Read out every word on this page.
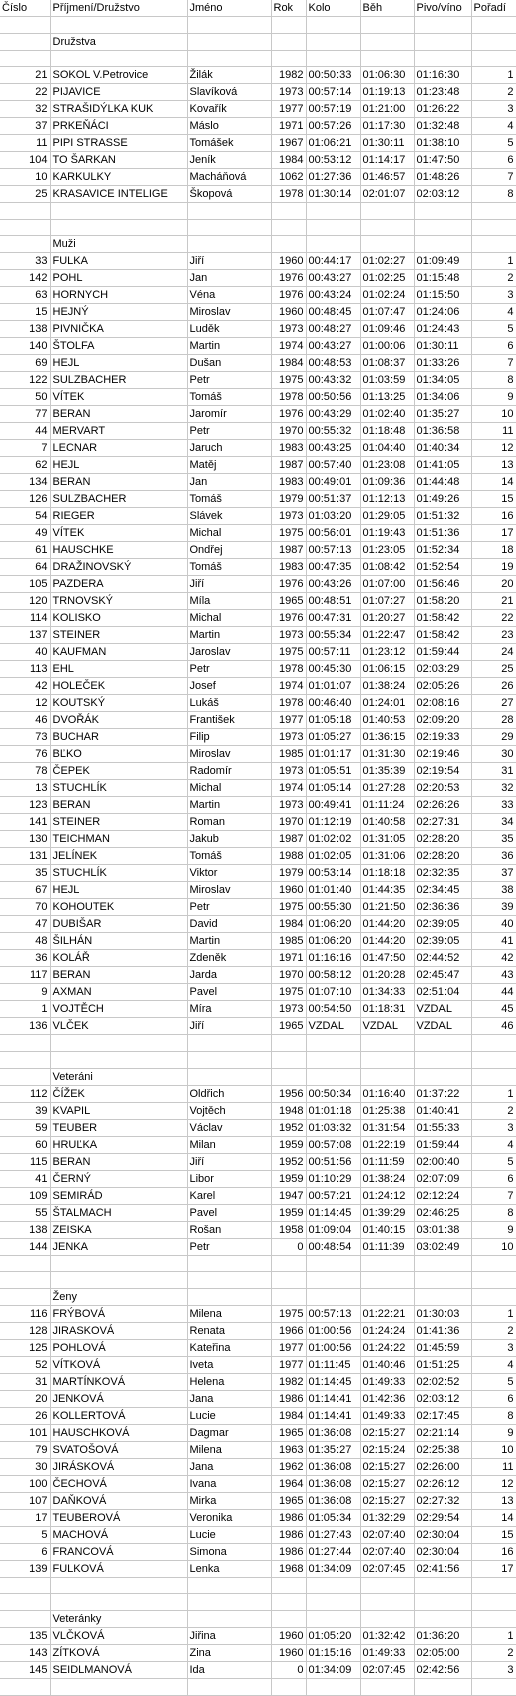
Číslo	Příjmení/Družstvo	Jméno	Rok	Kolo	Běh	Pivo/víno	Pořadí

	Družstva						

21	SOKOL V.Petrovice	Žilák	1982	00:50:33	01:06:30	01:16:30	1
22	PIJAVICE	Slavíková	1973	00:57:14	01:19:13	01:23:48	2
32	STRAŠIDÝLKA KUK	Kovařík	1977	00:57:19	01:21:00	01:26:22	3
37	PRKEŇÁCI	Máslo	1971	00:57:26	01:17:30	01:32:48	4
11	PIPI STRASSE	Tomášek	1967	01:06:21	01:30:11	01:38:10	5
104	TO ŠARKAN	Jeník	1984	00:53:12	01:14:17	01:47:50	6
10	KARKULKY	Macháňová	1062	01:27:36	01:46:57	01:48:26	7
25	KRASAVICE INTELIGE	Škopová	1978	01:30:14	02:01:07	02:03:12	8

	Muži						
33	FULKA	Jiří	1960	00:44:17	01:02:27	01:09:49	1
142	POHL	Jan	1976	00:43:27	01:02:25	01:15:48	2
63	HORNYCH	Véna	1976	00:43:24	01:02:24	01:15:50	3
15	HEJNÝ	Miroslav	1960	00:48:45	01:07:47	01:24:06	4
138	PIVNIČKA	Luděk	1973	00:48:27	01:09:46	01:24:43	5
140	ŠTOLFA	Martin	1974	00:43:27	01:00:06	01:30:11	6
69	HEJL	Dušan	1984	00:48:53	01:08:37	01:33:26	7
122	SULZBACHER	Petr	1975	00:43:32	01:03:59	01:34:05	8
50	VÍTEK	Tomáš	1978	00:50:56	01:13:25	01:34:06	9
77	BERAN	Jaromír	1976	00:43:29	01:02:40	01:35:27	10
44	MERVART	Petr	1970	00:55:32	01:18:48	01:36:58	11
7	LECNAR	Jaruch	1983	00:43:25	01:04:40	01:40:34	12
62	HEJL	Matěj	1987	00:57:40	01:23:08	01:41:05	13
134	BERAN	Jan	1983	00:49:01	01:09:36	01:44:48	14
126	SULZBACHER	Tomáš	1979	00:51:37	01:12:13	01:49:26	15
54	RIEGER	Slávek	1973	01:03:20	01:29:05	01:51:32	16
49	VÍTEK	Michal	1975	00:56:01	01:19:43	01:51:36	17
61	HAUSCHKE	Ondřej	1987	00:57:13	01:23:05	01:52:34	18
64	DRAŽINOVSKÝ	Tomáš	1983	00:47:35	01:08:42	01:52:54	19
105	PAZDERA	Jiří	1976	00:43:26	01:07:00	01:56:46	20
120	TRNOVSKÝ	Míla	1965	00:48:51	01:07:27	01:58:20	21
114	KOLISKO	Michal	1976	00:47:31	01:20:27	01:58:42	22
137	STEINER	Martin	1973	00:55:34	01:22:47	01:58:42	23
40	KAUFMAN	Jaroslav	1975	00:57:11	01:23:12	01:59:44	24
113	EHL	Petr	1978	00:45:30	01:06:15	02:03:29	25
42	HOLEČEK	Josef	1974	01:01:07	01:38:24	02:05:26	26
12	KOUTSKÝ	Lukáš	1978	00:46:40	01:24:01	02:08:16	27
46	DVOŘÁK	František	1977	01:05:18	01:40:53	02:09:20	28
73	BUCHAR	Filip	1973	01:05:27	01:36:15	02:19:33	29
76	BĽKO	Miroslav	1985	01:01:17	01:31:30	02:19:46	30
78	ČEPEK	Radomír	1973	01:05:51	01:35:39	02:19:54	31
13	STUCHLÍK	Michal	1974	01:05:14	01:27:28	02:20:53	32
123	BERAN	Martin	1973	00:49:41	01:11:24	02:26:26	33
141	STEINER	Roman	1970	01:12:19	01:40:58	02:27:31	34
130	TEICHMAN	Jakub	1987	01:02:02	01:31:05	02:28:20	35
131	JELÍNEK	Tomáš	1988	01:02:05	01:31:06	02:28:20	36
35	STUCHLÍK	Viktor	1979	00:53:14	01:18:18	02:32:35	37
67	HEJL	Miroslav	1960	01:01:40	01:44:35	02:34:45	38
70	KOHOUTEK	Petr	1975	00:55:30	01:21:50	02:36:36	39
47	DUBIŠAR	David	1984	01:06:20	01:44:20	02:39:05	40
48	ŠILHÁN	Martin	1985	01:06:20	01:44:20	02:39:05	41
36	KOLÁŘ	Zdeněk	1971	01:16:16	01:47:50	02:44:52	42
117	BERAN	Jarda	1970	00:58:12	01:20:28	02:45:47	43
9	AXMAN	Pavel	1975	01:07:10	01:34:33	02:51:04	44
1	VOJTĚCH	Míra	1973	00:54:50	01:18:31	VZDAL	45
136	VLČEK	Jiří	1965	VZDAL	VZDAL	VZDAL	46

	Veteráni						
112	ČÍŽEK	Oldřich	1956	00:50:34	01:16:40	01:37:22	1
39	KVAPIL	Vojtěch	1948	01:01:18	01:25:38	01:40:41	2
59	TEUBER	Václav	1952	01:03:32	01:31:54	01:55:33	3
60	HRUĽKA	Milan	1959	00:57:08	01:22:19	01:59:44	4
115	BERAN	Jiří	1952	00:51:56	01:11:59	02:00:40	5
41	ČERNÝ	Libor	1959	01:10:29	01:38:24	02:07:09	6
109	SEMIRÁD	Karel	1947	00:57:21	01:24:12	02:12:24	7
55	ŠTALMACH	Pavel	1959	01:14:45	01:39:29	02:46:25	8
138	ZEISKA	Rošan	1958	01:09:04	01:40:15	03:01:38	9
144	JENKA	Petr	0	00:48:54	01:11:39	03:02:49	10

	Ženy						
116	FRÝBOVÁ	Milena	1975	00:57:13	01:22:21	01:30:03	1
128	JIRASKOVÁ	Renata	1966	01:00:56	01:24:24	01:41:36	2
125	POHLOVÁ	Kateřina	1977	01:00:56	01:24:22	01:45:59	3
52	VÍTKOVÁ	Iveta	1977	01:11:45	01:40:46	01:51:25	4
31	MARTÍNKOVÁ	Helena	1982	01:14:45	01:49:33	02:02:52	5
20	JENKOVÁ	Jana	1986	01:14:41	01:42:36	02:03:12	6
26	KOLLERTOVÁ	Lucie	1984	01:14:41	01:49:33	02:17:45	8
101	HAUSCHKOVÁ	Dagmar	1965	01:36:08	02:15:27	02:21:14	9
79	SVATOŠOVÁ	Milena	1963	01:35:27	02:15:24	02:25:38	10
30	JIRÁSKOVÁ	Jana	1962	01:36:08	02:15:27	02:26:00	11
100	ČECHOVÁ	Ivana	1964	01:36:08	02:15:27	02:26:12	12
107	DAŇKOVÁ	Mirka	1965	01:36:08	02:15:27	02:27:32	13
17	TEUBEROVÁ	Veronika	1986	01:05:34	01:32:29	02:29:54	14
5	MACHOVÁ	Lucie	1986	01:27:43	02:07:40	02:30:04	15
6	FRANCOVÁ	Simona	1986	01:27:44	02:07:40	02:30:04	16
139	FULKOVÁ	Lenka	1968	01:34:09	02:07:45	02:41:56	17

	Veteránky						
135	VLČKOVÁ	Jiřina	1960	01:05:20	01:32:42	01:36:20	1
143	ZÍTKOVÁ	Zina	1960	01:15:16	01:49:33	02:05:00	2
145	SEIDLMANOVÁ	Ida	0	01:34:09	02:07:45	02:42:56	3
